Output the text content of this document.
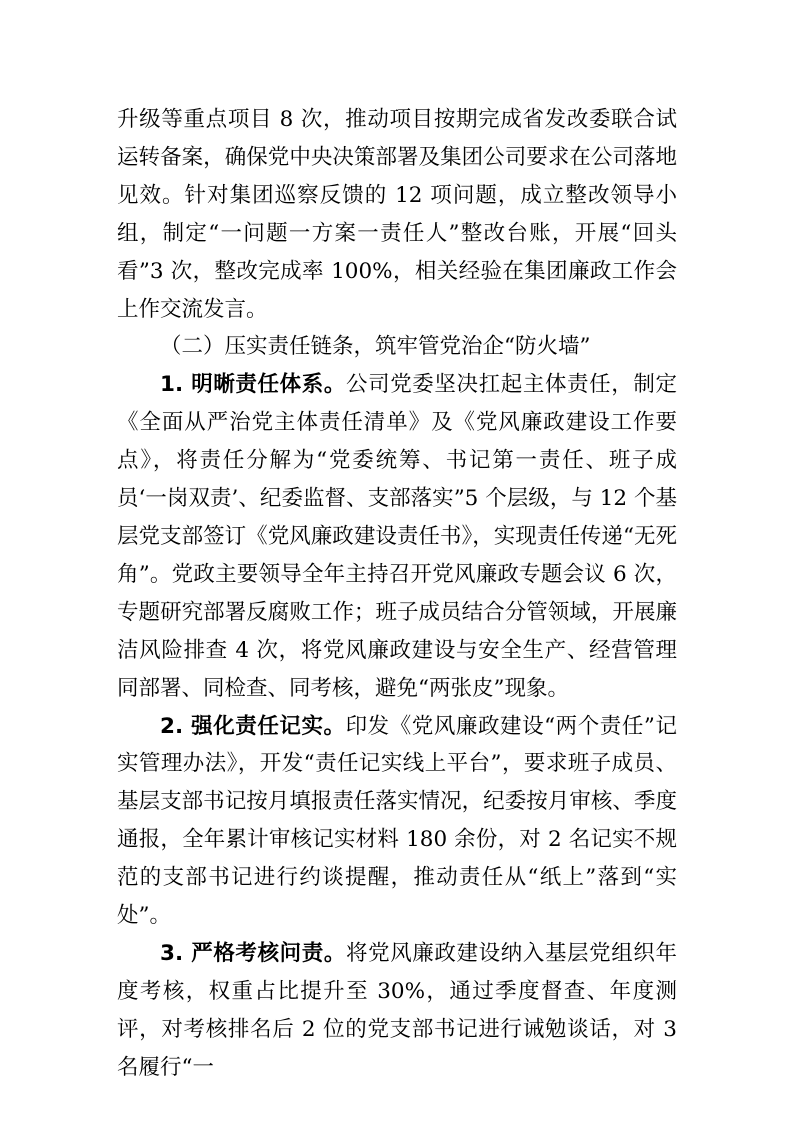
升级等重点项目 8 次，推动项目按期完成省发改委联合试运转备案，确保党中央决策部署及集团公司要求在公司落地见效。针对集团巡察反馈的 12 项问题，成立整改领导小组，制定“一问题一方案一责任人”整改台账，开展“回头看”3 次，整改完成率 100%，相关经验在集团廉政工作会上作交流发言。

（二）压实责任链条，筑牢管党治企“防火墙”

1. 明晰责任体系。公司党委坚决扛起主体责任，制定《全面从严治党主体责任清单》及《党风廉政建设工作要点》，将责任分解为“党委统筹、书记第一责任、班子成员‘一岗双责’、纪委监督、支部落实”5 个层级，与 12 个基层党支部签订《党风廉政建设责任书》，实现责任传递“无死角”。党政主要领导全年主持召开党风廉政专题会议 6 次，专题研究部署反腐败工作；班子成员结合分管领域，开展廉洁风险排查 4 次，将党风廉政建设与安全生产、经营管理同部署、同检查、同考核，避免“两张皮”现象。

2. 强化责任记实。印发《党风廉政建设“两个责任”记实管理办法》，开发“责任记实线上平台”，要求班子成员、基层支部书记按月填报责任落实情况，纪委按月审核、季度通报，全年累计审核记实材料 180 余份，对 2 名记实不规范的支部书记进行约谈提醒，推动责任从“纸上”落到“实处”。

3. 严格考核问责。将党风廉政建设纳入基层党组织年度考核，权重占比提升至 30%，通过季度督查、年度测评，对考核排名后 2 位的党支部书记进行诫勉谈话，对 3 名履行“一
